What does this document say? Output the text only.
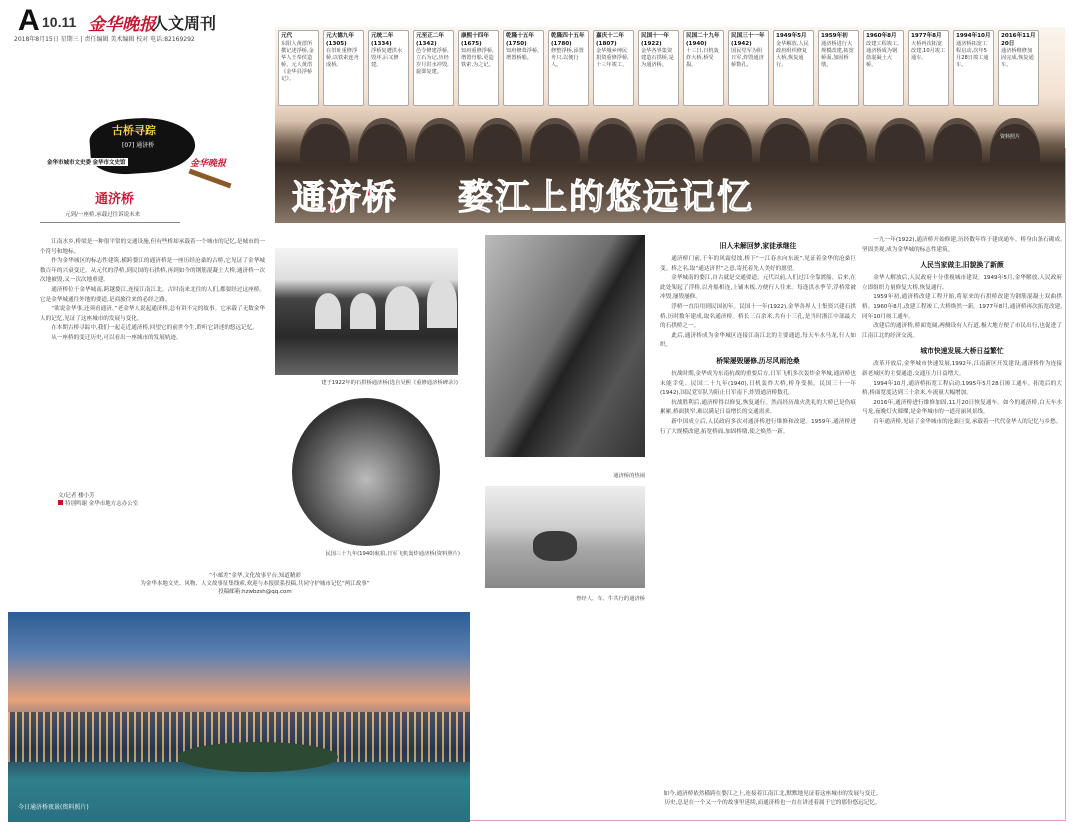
A 10.11 金华晚报
人文周刊
2018年8月15日 星期三 | 责任编辑 美术编辑 校对 电话:82169292	元代
东阳人黄溍所撰记述浮桥,金华人王奉侯造桥。元人黄溍《金华县浮桥记》。
元大德九年(1305)
在旧址重修浮桥,以铁索连舟成桥。
元统二年(1334)
浮桥复遭洪水毁坏,后又修建。
元至正二年(1342)
邑令修建浮桥,立石为记,历经岁月洪水冲毁,旋即复建。
康熙十四年(1675)
知府重修浮桥,增置舟船,更造铁索,为之记。
乾隆十五年(1750)
知府修葺浮桥,增置桥船。
乾隆四十五年(1780)
修整浮桥,添置舟只,以便行人。
嘉庆十二年(1807)
金华城乡绅民捐资重修浮桥,十三年竣工。
民国十一年(1922)
金华各界集资建造石拱桥,是为通济桥。
民国二十九年(1940)
十三日,日机轰炸大桥,桥受损。
民国三十一年(1942)
国民党军为阻日军,炸毁通济桥数孔。
1949年5月
金华解放,人民政府组织修复大桥,恢复通行。
1959年初
通济桥进行大规模改建,拓宽桥面,加固桥墩。
1960年8月
改建工程竣工,通济桥成为钢筋混凝土大桥。
1977年8月
大桥再次拓宽改建,10月竣工通车。
1994年10月
通济桥拓宽工程启动,次年5月28日竣工通车。
2016年11月20日
通济桥维修加固完成,恢复通车。
通济桥 婺江上的悠远记忆
资料照片
古桥寻踪
[07] 通济桥
金华市城市文史委 金华市文史馆	金华晚报
通济桥
元到/一座桥,承载过往诉说未来

江南水乡,桥梁是一种很平常的交通设施,但有些桥却承载着一个城市的记忆,是城市的一个符号和地标。

作为金华城区的标志性建筑,横跨婺江的通济桥是一座历经沧桑的古桥,它见证了金华城数百年的兴衰变迁。从元代的浮桥,到民国的石拱桥,再到如今的钢筋混凝土大桥,通济桥一次次地被毁,又一次次地重建。

通济桥位于金华城南,跨越婺江,连接江南江北。古时南来北往的人们,都要经过这座桥。它是金华城通往外地的要道,是商旅往来的必经之路。

“欲说金华事,还须看通济。”老金华人说起通济桥,总有讲不完的故事。它承载了无数金华人的记忆,见证了这座城市的发展与变化。

在本期古桥寻踪中,我们一起走近通济桥,回望它的前世今生,聆听它讲述的悠远记忆。

从一座桥的变迁历史,可以看出一座城市的发展轨迹。

文/记者 楼小芳
特别鸣谢 金华市地方志办公室
“小邮差”金华,文化故事平台,知道精彩
为金华本地文史、风物、人文故事征集线索,欢迎与本报联系投稿,共同守护城市记忆“两江故事”
投稿邮箱:hzwbzsh@qq.com
建于1922年的石拱桥通济桥(选自吴熙《重修通济桥碑录》)
民国三十九年(1940)航拍,日军飞机轰炸通济桥(资料照片)
通济桥的热闹
曾经人、车、牛共行的通济桥
今日通济桥夜景(资料照片)
旧人未解回梦,家徒承继往

通济桥门前,千年的风霜侵蚀,桥下“一江春水向东流”,见证着金华的沧桑巨变。桥之名,取“通达济世”之意,寄托着先人美好的愿望。

金华城南的婺江,自古就是交通要道。元代以前,人们过江全靠渡船。后来,在此处架起了浮桥,以舟船相连,上铺木板,方便行人往来。每逢洪水季节,浮桥常被冲毁,屡毁屡修。

浮桥一直沿用到民国初年。民国十一年(1922),金华各界人士集资兴建石拱桥,历时数年建成,取名通济桥。桥长三百余米,共有十三孔,是当时浙江中部最大的石拱桥之一。

此后,通济桥成为金华城区连接江南江北的主要通道,每天车水马龙,行人如织。

桥梁屡毁屡修,历尽风雨沧桑

抗战时期,金华成为东南抗战的重要后方,日军飞机多次轰炸金华城,通济桥也未能幸免。民国二十九年(1940),日机轰炸大桥,桥身受损。民国三十一年(1942),国民党军队为阻止日军南下,炸毁通济桥数孔。

抗战胜利后,通济桥得以修复,恢复通行。然而经历战火洗礼的大桥已是伤痕累累,桥面狭窄,难以满足日益增长的交通需求。

新中国成立后,人民政府多次对通济桥进行维修和改建。1959年,通济桥进行了大规模改建,拓宽桥面,加固桥墩,使之焕然一新。

一九一年(1922),通济桥开始修建,历经数年终于建成通车。桥身由条石砌成,坚固美观,成为金华城的标志性建筑。

人民当家做主,旧貌换了新颜

金华人解放后,人民政府十分重视城市建设。1949年5月,金华解放,人民政府立即组织力量修复大桥,恢复通行。

1959年初,通济桥改建工程开始,将原来的石拱桥改建为钢筋混凝土双曲拱桥。1960年8月,改建工程竣工,大桥焕然一新。1977年8月,通济桥再次拓宽改建,同年10月竣工通车。

改建后的通济桥,桥面宽阔,两侧设有人行道,极大地方便了市民出行,也促进了江南江北的经济交流。

城市快速发展,大桥日益繁忙

改革开放后,金华城市快速发展,1992年,江南新区开发建设,通济桥作为连接新老城区的主要通道,交通压力日益增大。

1994年10月,通济桥拓宽工程启动,1995年5月28日竣工通车。拓宽后的大桥,桥面宽度达到三十余米,车流量大幅增加。

2016年,通济桥进行维修加固,11月20日恢复通车。如今的通济桥,白天车水马龙,夜晚灯火璀璨,是金华城市的一道亮丽风景线。

百年通济桥,见证了金华城市的沧桑巨变,承载着一代代金华人的记忆与乡愁。

如今,通济桥依然横跨在婺江之上,连接着江南江北,默默地见证着这座城市的发展与变迁。
历史,总是在一个又一个的故事里延续,而通济桥也一直在讲述着属于它的那份悠远记忆。
